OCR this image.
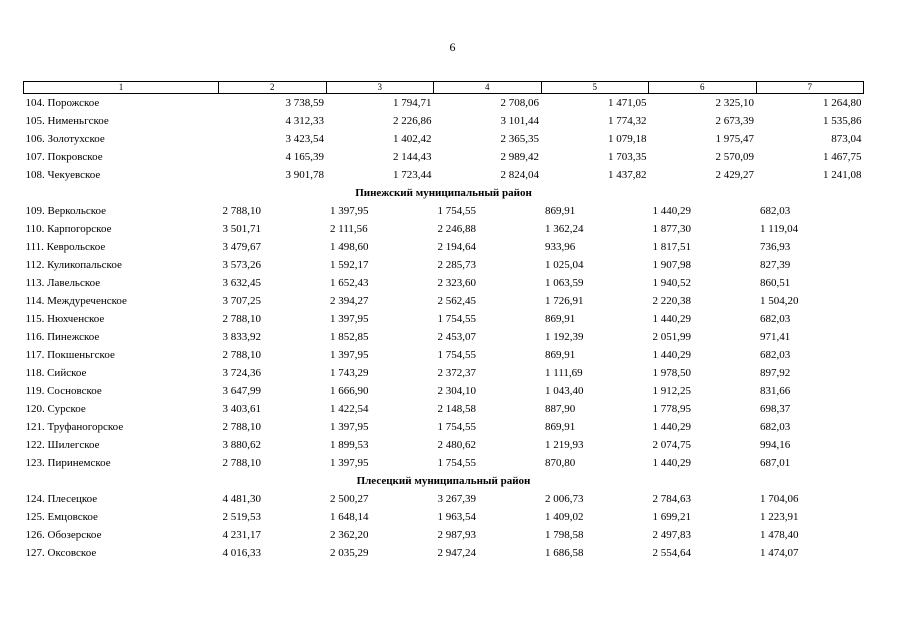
6
1	2	3	4	5	6	7
104. Порожское	3 738,59	1 794,71	2 708,06	1 471,05	2 325,10	1 264,80
105. Нименьгское	4 312,33	2 226,86	3 101,44	1 774,32	2 673,39	1 535,86
106. Золотухское	3 423,54	1 402,42	2 365,35	1 079,18	1 975,47	873,04
107. Покровское	4 165,39	2 144,43	2 989,42	1 703,35	2 570,09	1 467,75
108. Чекуевское	3 901,78	1 723,44	2 824,04	1 437,82	2 429,27	1 241,08
Пинежский муниципальный район						
109. Веркольское	2 788,10	1 397,95	1 754,55	869,91	1 440,29	682,03
110. Карпогорское	3 501,71	2 111,56	2 246,88	1 362,24	1 877,30	1 119,04
111. Кеврольское	3 479,67	1 498,60	2 194,64	933,96	1 817,51	736,93
112. Куликопальское	3 573,26	1 592,17	2 285,73	1 025,04	1 907,98	827,39
113. Лавельское	3 632,45	1 652,43	2 323,60	1 063,59	1 940,52	860,51
114. Междуреченское	3 707,25	2 394,27	2 562,45	1 726,91	2 220,38	1 504,20
115. Нюхченское	2 788,10	1 397,95	1 754,55	869,91	1 440,29	682,03
116. Пинежское	3 833,92	1 852,85	2 453,07	1 192,39	2 051,99	971,41
117. Покшеньгское	2 788,10	1 397,95	1 754,55	869,91	1 440,29	682,03
118. Сийское	3 724,36	1 743,29	2 372,37	1 111,69	1 978,50	897,92
119. Сосновское	3 647,99	1 666,90	2 304,10	1 043,40	1 912,25	831,66
120. Сурское	3 403,61	1 422,54	2 148,58	887,90	1 778,95	698,37
121. Труфаногорское	2 788,10	1 397,95	1 754,55	869,91	1 440,29	682,03
122. Шилегское	3 880,62	1 899,53	2 480,62	1 219,93	2 074,75	994,16
123. Пиринемское	2 788,10	1 397,95	1 754,55	870,80	1 440,29	687,01
Плесецкий муниципальный район						
124. Плесецкое	4 481,30	2 500,27	3 267,39	2 006,73	2 784,63	1 704,06
125. Емцовское	2 519,53	1 648,14	1 963,54	1 409,02	1 699,21	1 223,91
126. Обозерское	4 231,17	2 362,20	2 987,93	1 798,58	2 497,83	1 478,40
127. Оксовское	4 016,33	2 035,29	2 947,24	1 686,58	2 554,64	1 474,07
